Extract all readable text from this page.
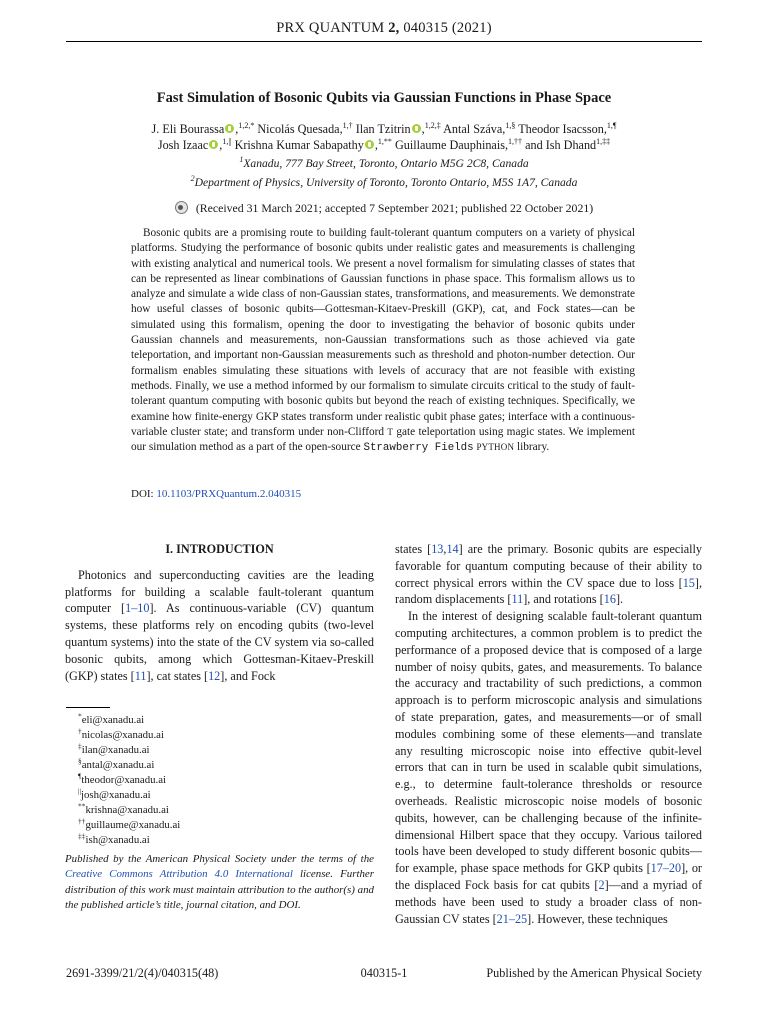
PRX QUANTUM 2, 040315 (2021)
Fast Simulation of Bosonic Qubits via Gaussian Functions in Phase Space
J. Eli Bourassa ,$^{1,2,*}$ Nicolás Quesada,$^{1,\dagger}$ Ilan Tzitrin ,$^{1,2,\ddagger}$ Antal Száva,$^{1,\S}$ Theodor Isacsson,$^{1,\P}$
Josh Izaac ,$^{1,||}$ Krishna Kumar Sabapathy ,$^{1,**}$ Guillaume Dauphinais,$^{1,\dagger\dagger}$ and Ish Dhand$^{1,\ddagger\ddagger}$
$^1$Xanadu, 777 Bay Street, Toronto, Ontario M5G 2C8, Canada
$^2$Department of Physics, University of Toronto, Toronto Ontario, M5S 1A7, Canada
(Received 31 March 2021; accepted 7 September 2021; published 22 October 2021)
Bosonic qubits are a promising route to building fault-tolerant quantum computers on a variety of physical platforms. Studying the performance of bosonic qubits under realistic gates and measurements is challenging with existing analytical and numerical tools. We present a novel formalism for simulating classes of states that can be represented as linear combinations of Gaussian functions in phase space. This formalism allows us to analyze and simulate a wide class of non-Gaussian states, transformations, and measurements. We demonstrate how useful classes of bosonic qubits—Gottesman-Kitaev-Preskill (GKP), cat, and Fock states—can be simulated using this formalism, opening the door to investigating the behavior of bosonic qubits under Gaussian channels and measurements, non-Gaussian transformations such as those achieved via gate teleportation, and important non-Gaussian measurements such as threshold and photon-number detection. Our formalism enables simulating these situations with levels of accuracy that are not feasible with existing methods. Finally, we use a method informed by our formalism to simulate circuits critical to the study of fault-tolerant quantum computing with bosonic qubits but beyond the reach of existing techniques. Specifically, we examine how finite-energy GKP states transform under realistic qubit phase gates; interface with a continuous-variable cluster state; and transform under non-Clifford T gate teleportation using magic states. We implement our simulation method as a part of the open-source Strawberry Fields PYTHON library.
DOI: 10.1103/PRXQuantum.2.040315
I. INTRODUCTION
Photonics and superconducting cavities are the leading platforms for building a scalable fault-tolerant quantum computer [1–10]. As continuous-variable (CV) quantum systems, these platforms rely on encoding qubits (two-level quantum systems) into the state of the CV system via so-called bosonic qubits, among which Gottesman-Kitaev-Preskill (GKP) states [11], cat states [12], and Fock
states [13,14] are the primary. Bosonic qubits are especially favorable for quantum computing because of their ability to correct physical errors within the CV space due to loss [15], random displacements [11], and rotations [16].
In the interest of designing scalable fault-tolerant quantum computing architectures, a common problem is to predict the performance of a proposed device that is composed of a large number of noisy qubits, gates, and measurements. To balance the accuracy and tractability of such predictions, a common approach is to perform microscopic analysis and simulations of state preparation, gates, and measurements—or of small modules combining some of these elements—and translate any resulting microscopic noise into effective qubit-level errors that can in turn be used in scalable qubit simulations, e.g., to determine fault-tolerance thresholds or resource overheads. Realistic microscopic noise models of bosonic qubits, however, can be challenging because of the infinite-dimensional Hilbert space that they occupy. Various tailored tools have been developed to study different bosonic qubits—for example, phase space methods for GKP qubits [17–20], or the displaced Fock basis for cat qubits [2]—and a myriad of methods have been used to study a broader class of non-Gaussian CV states [21–25]. However, these techniques
*eli@xanadu.ai
†nicolas@xanadu.ai
‡ilan@xanadu.ai
§antal@xanadu.ai
¶theodor@xanadu.ai
||josh@xanadu.ai
**krishna@xanadu.ai
††guillaume@xanadu.ai
‡‡ish@xanadu.ai
Published by the American Physical Society under the terms of the Creative Commons Attribution 4.0 International license. Further distribution of this work must maintain attribution to the author(s) and the published article’s title, journal citation, and DOI.
2691-3399/21/2(4)/040315(48)	040315-1	Published by the American Physical Society
